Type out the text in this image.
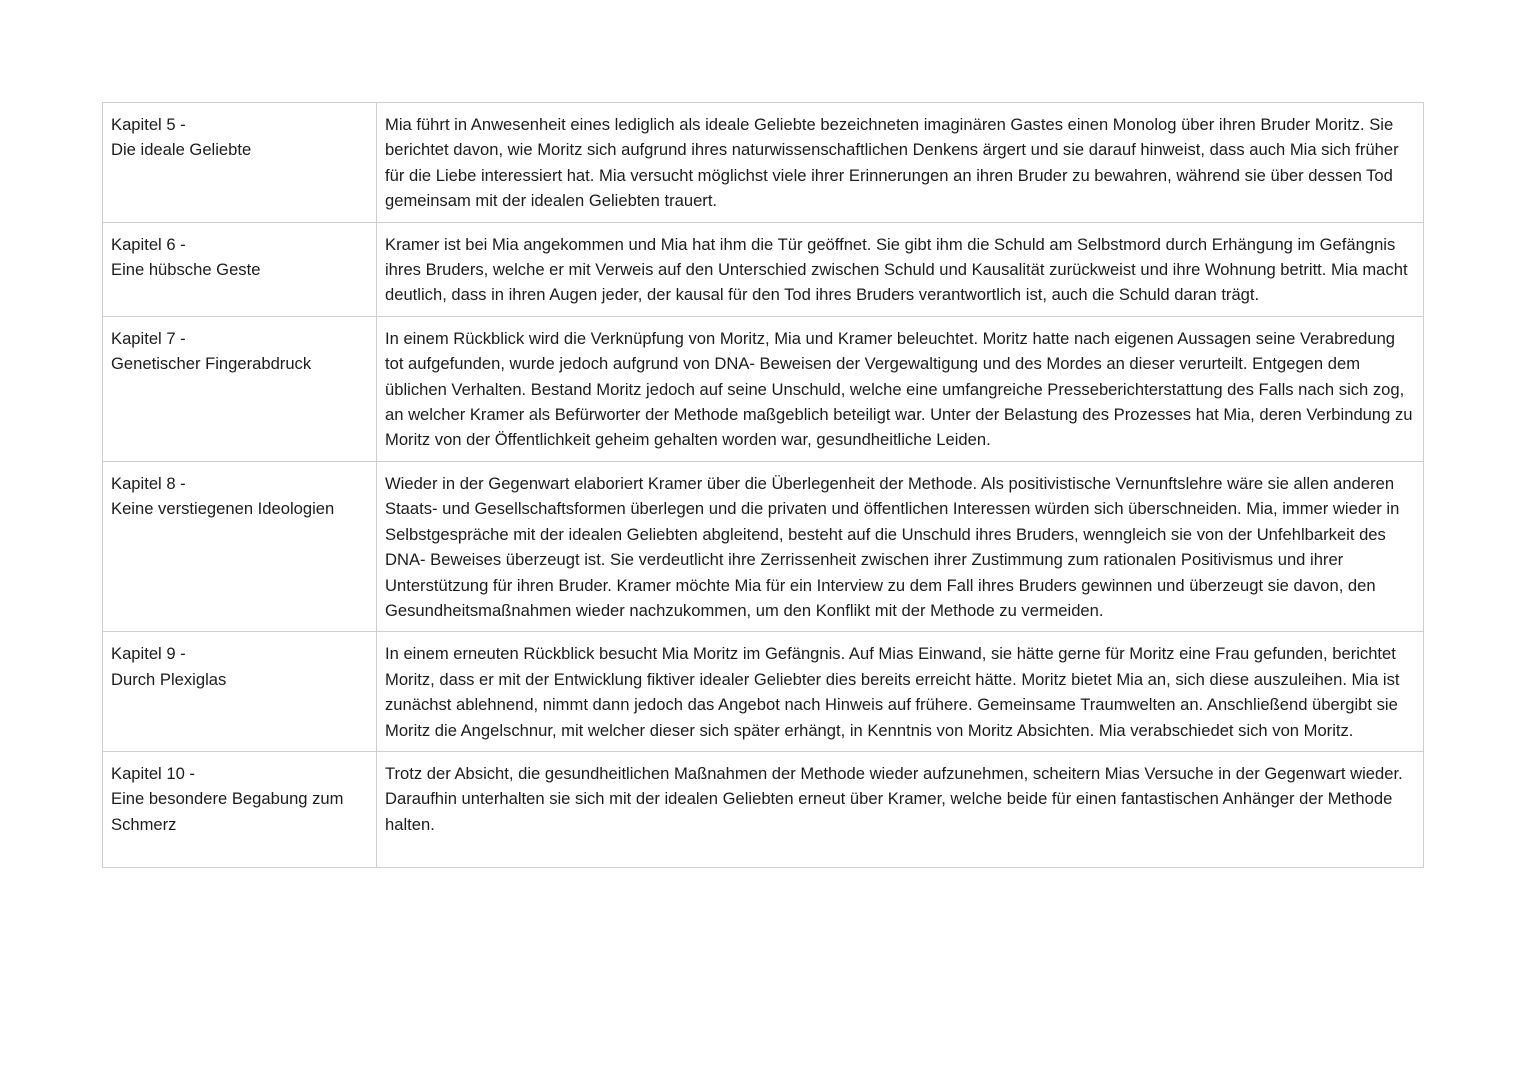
Kapitel 5 -
Die ideale Geliebte	Mia führt in Anwesenheit eines lediglich als ideale Geliebte bezeichneten imaginären Gastes einen Monolog über ihren Bruder Moritz. Sie berichtet davon, wie Moritz sich aufgrund ihres naturwissenschaftlichen Denkens ärgert und sie darauf hinweist, dass auch Mia sich früher für die Liebe interessiert hat. Mia versucht möglichst viele ihrer Erinnerungen an ihren Bruder zu bewahren, während sie über dessen Tod gemeinsam mit der idealen Geliebten trauert.

Kapitel 6 -
Eine hübsche Geste	Kramer ist bei Mia angekommen und Mia hat ihm die Tür geöffnet. Sie gibt ihm die Schuld am Selbstmord durch Erhängung im Gefängnis ihres Bruders, welche er mit Verweis auf den Unterschied zwischen Schuld und Kausalität zurückweist und ihre Wohnung betritt. Mia macht deutlich, dass in ihren Augen jeder, der kausal für den Tod ihres Bruders verantwortlich ist, auch die Schuld daran trägt.

Kapitel 7 -
Genetischer Fingerabdruck	In einem Rückblick wird die Verknüpfung von Moritz, Mia und Kramer beleuchtet. Moritz hatte nach eigenen Aussagen seine Verabredung tot aufgefunden, wurde jedoch aufgrund von DNA- Beweisen der Vergewaltigung und des Mordes an dieser verurteilt. Entgegen dem üblichen Verhalten. Bestand Moritz jedoch auf seine Unschuld, welche eine umfangreiche Presseberichterstattung des Falls nach sich zog, an welcher Kramer als Befürworter der Methode maßgeblich beteiligt war. Unter der Belastung des Prozesses hat Mia, deren Verbindung zu Moritz von der Öffentlichkeit geheim gehalten worden war, gesundheitliche Leiden.

Kapitel 8 -
Keine verstiegenen Ideologien	Wieder in der Gegenwart elaboriert Kramer über die Überlegenheit der Methode. Als positivistische Vernunftslehre wäre sie allen anderen Staats- und Gesellschaftsformen überlegen und die privaten und öffentlichen Interessen würden sich überschneiden. Mia, immer wieder in Selbstgespräche mit der idealen Geliebten abgleitend, besteht auf die Unschuld ihres Bruders, wenngleich sie von der Unfehlbarkeit des DNA- Beweises überzeugt ist. Sie verdeutlicht ihre Zerrissenheit zwischen ihrer Zustimmung zum rationalen Positivismus und ihrer Unterstützung für ihren Bruder. Kramer möchte Mia für ein Interview zu dem Fall ihres Bruders gewinnen und überzeugt sie davon, den Gesundheitsmaßnahmen wieder nachzukommen, um den Konflikt mit der Methode zu vermeiden.

Kapitel 9 -
Durch Plexiglas	In einem erneuten Rückblick besucht Mia Moritz im Gefängnis. Auf Mias Einwand, sie hätte gerne für Moritz eine Frau gefunden, berichtet Moritz, dass er mit der Entwicklung fiktiver idealer Geliebter dies bereits erreicht hätte. Moritz bietet Mia an, sich diese auszuleihen. Mia ist zunächst ablehnend, nimmt dann jedoch das Angebot nach Hinweis auf frühere. Gemeinsame Traumwelten an. Anschließend übergibt sie Moritz die Angelschnur, mit welcher dieser sich später erhängt, in Kenntnis von Moritz Absichten. Mia verabschiedet sich von Moritz.

Kapitel 10 -
Eine besondere Begabung zum Schmerz	Trotz der Absicht, die gesundheitlichen Maßnahmen der Methode wieder aufzunehmen, scheitern Mias Versuche in der Gegenwart wieder. Daraufhin unterhalten sie sich mit der idealen Geliebten erneut über Kramer, welche beide für einen fantastischen Anhänger der Methode halten.
